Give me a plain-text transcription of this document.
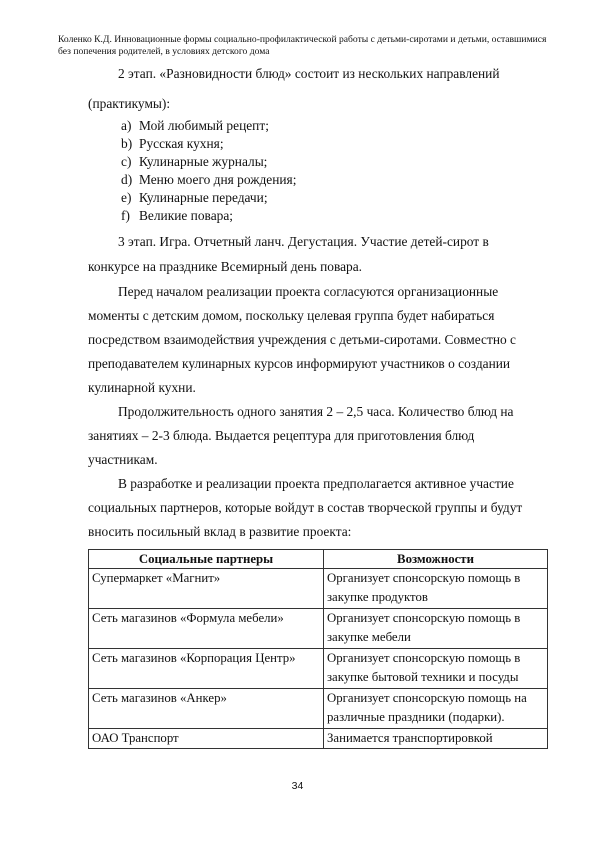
Коленко К.Д. Инновационные формы социально-профилактической работы с детьми-сиротами и детьми, оставшимися без попечения родителей, в условиях детского дома
2 этап. «Разновидности блюд» состоит из нескольких направлений
(практикумы):
a) Мой любимый рецепт;
b) Русская кухня;
c) Кулинарные журналы;
d) Меню моего дня рождения;
e) Кулинарные передачи;
f) Великие повара;
3 этап. Игра. Отчетный ланч. Дегустация. Участие детей-сирот в
конкурсе на празднике Всемирный день повара.
Перед началом реализации проекта согласуются организационные
моменты с детским домом, поскольку целевая группа будет набираться
посредством взаимодействия учреждения с детьми-сиротами. Совместно с
преподавателем кулинарных курсов информируют участников о создании
кулинарной кухни.
Продолжительность одного занятия 2 – 2,5 часа. Количество блюд на
занятиях – 2-3 блюда. Выдается рецептура для приготовления блюд
участникам.
В разработке и реализации проекта предполагается активное участие
социальных партнеров, которые войдут в состав творческой группы и будут
вносить посильный вклад в развитие проекта:
Социальные партнеры	Возможности
Супермаркет «Магнит»	Организует спонсорскую помощь в
закупке продуктов

Сеть магазинов «Формула мебели»	Организует спонсорскую помощь в
закупке мебели

Сеть магазинов «Корпорация Центр»	Организует спонсорскую помощь в
закупке бытовой техники и посуды

Сеть магазинов «Анкер»	Организует спонсорскую помощь на
различные праздники (подарки).

ОАО Транспорт	Занимается транспортировкой
34
